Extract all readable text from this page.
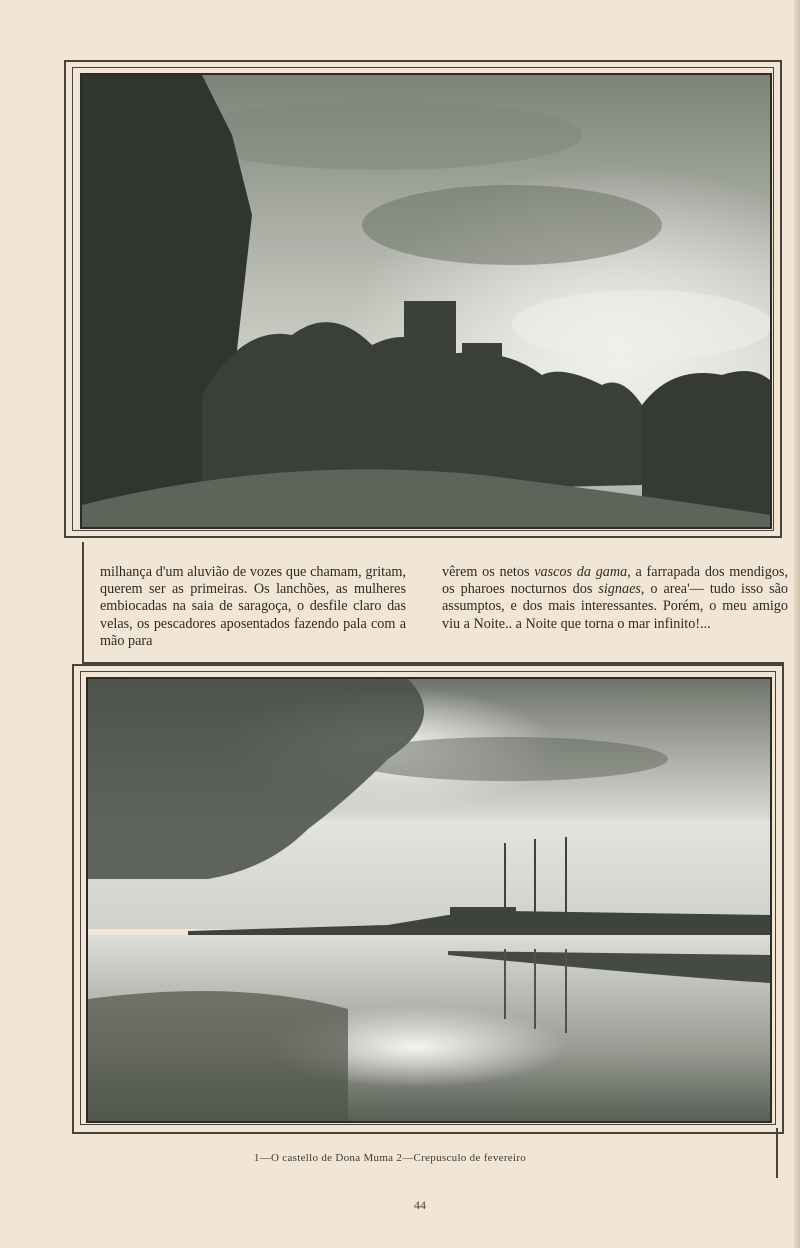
milhança d'um aluvião de vozes que chamam, gritam, querem ser as primeiras. Os lanchões, as mulheres embiocadas na saia de saragoça, o desfile claro das velas, os pescadores aposentados fazendo pala com a mão para

vêrem os netos vascos da gama, a farrapada dos mendigos, os pharoes nocturnos dos signaes, o area'— tudo isso são assumptos, e dos mais interessantes. Porém, o meu amigo viu a Noite.. a Noite que torna o mar infinito!...

1—O castello de Dona Muma 2—Crepusculo de fevereiro
44
